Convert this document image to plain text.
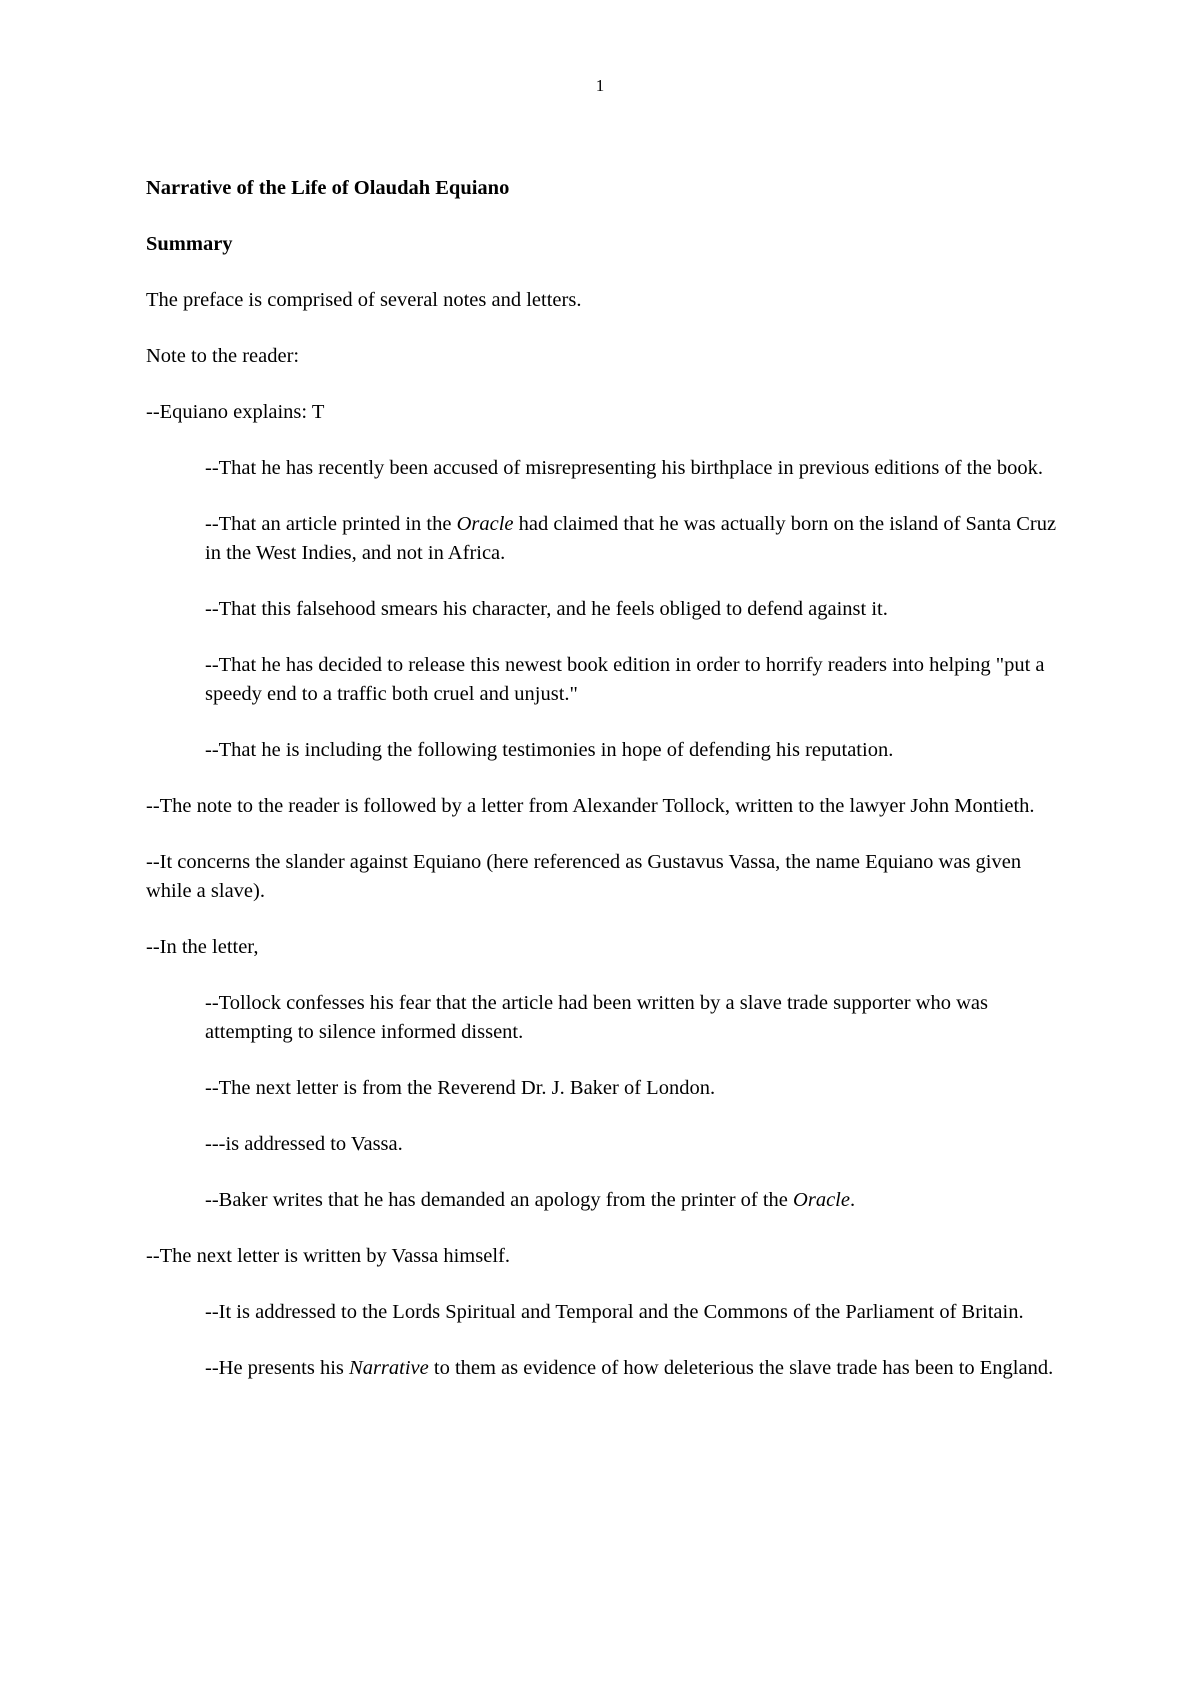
1
Narrative of the Life of Olaudah Equiano
Summary
The preface is comprised of several notes and letters.
Note to the reader:
--Equiano explains: T
--That he has recently been accused of misrepresenting his birthplace in previous editions of the book.
--That an article printed in the Oracle had claimed that he was actually born on the island of Santa Cruz in the West Indies, and not in Africa.
--That this falsehood smears his character, and he feels obliged to defend against it.
--That he has decided to release this newest book edition in order to horrify readers into helping "put a speedy end to a traffic both cruel and unjust."
--That he is including the following testimonies in hope of defending his reputation.
--The note to the reader is followed by a letter from Alexander Tollock, written to the lawyer John Montieth.
--It concerns the slander against Equiano (here referenced as Gustavus Vassa, the name Equiano was given while a slave).
--In the letter,
--Tollock confesses his fear that the article had been written by a slave trade supporter who was attempting to silence informed dissent.
--The next letter is from the Reverend Dr. J. Baker of London.
---is addressed to Vassa.
--Baker writes that he has demanded an apology from the printer of the Oracle.
--The next letter is written by Vassa himself.
--It is addressed to the Lords Spiritual and Temporal and the Commons of the Parliament of Britain.
--He presents his Narrative to them as evidence of how deleterious the slave trade has been to England.
